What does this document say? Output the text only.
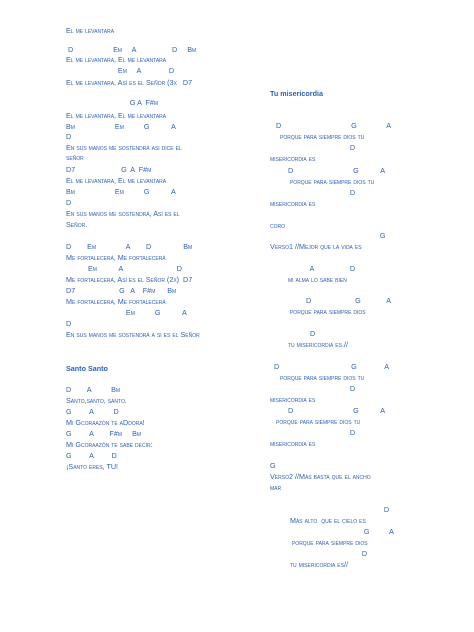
El me levantara
D                    Em     A                  D     Bm
El me levantara, El me levantara
Em     A              D
El me levantara, Así es el Señor (3x   D7
G A  F#m
El me levantara, El me levantara
Bm                    Em          G           A
D
En sus manos me sostendrá asi dice el
señor
D7                       G  A  F#m
El me levantara, El me levantara
Bm                    Em          G           A
D
En sus manos me sostendrá, Así es el
Señor.
D        Em               A        D                Bm
Me fortalecerá, Me fortalecerá
Em           A                           D
Me fortalecerá, Así es el Señor (2x)  D7
D7                      G   A    F#m      Bm
Me fortalecerá, Me fortalecerá
Em          G           A
D
En sus manos me sostendrá a si es el Señor
Santo Santo
D        A          Bm
Santo,santo, santo.
G         A          D
Mi Gcoraazón te aDdora!
G         A        F#m     Bm
Mi Gcoraazón te sabe decir:
G         A         D
¡Santo eres, TU!
Tu misericordia
D                                   G               A
porque para siempre dios tu
D
misericordia es
D                              G           A
porque para siempre dios tu
D
misericordia es
coro
G
Verso1 //Mejor que la vida es
A                  D
mi alma lo sabe bien
D                      G             A
porque para siempre dios
D
tu misericordia es.//
D                                    G              A
porque para siempre dios tu
D
misericordia es
D                              G           A
porque para siempre dios tu
D
misericordia es
G
Verso2 //Màs basta que el ancho
mar
D
Màs alto  que el cielo es
G          A
porque para siempre dios
D
tu misericordia es//
